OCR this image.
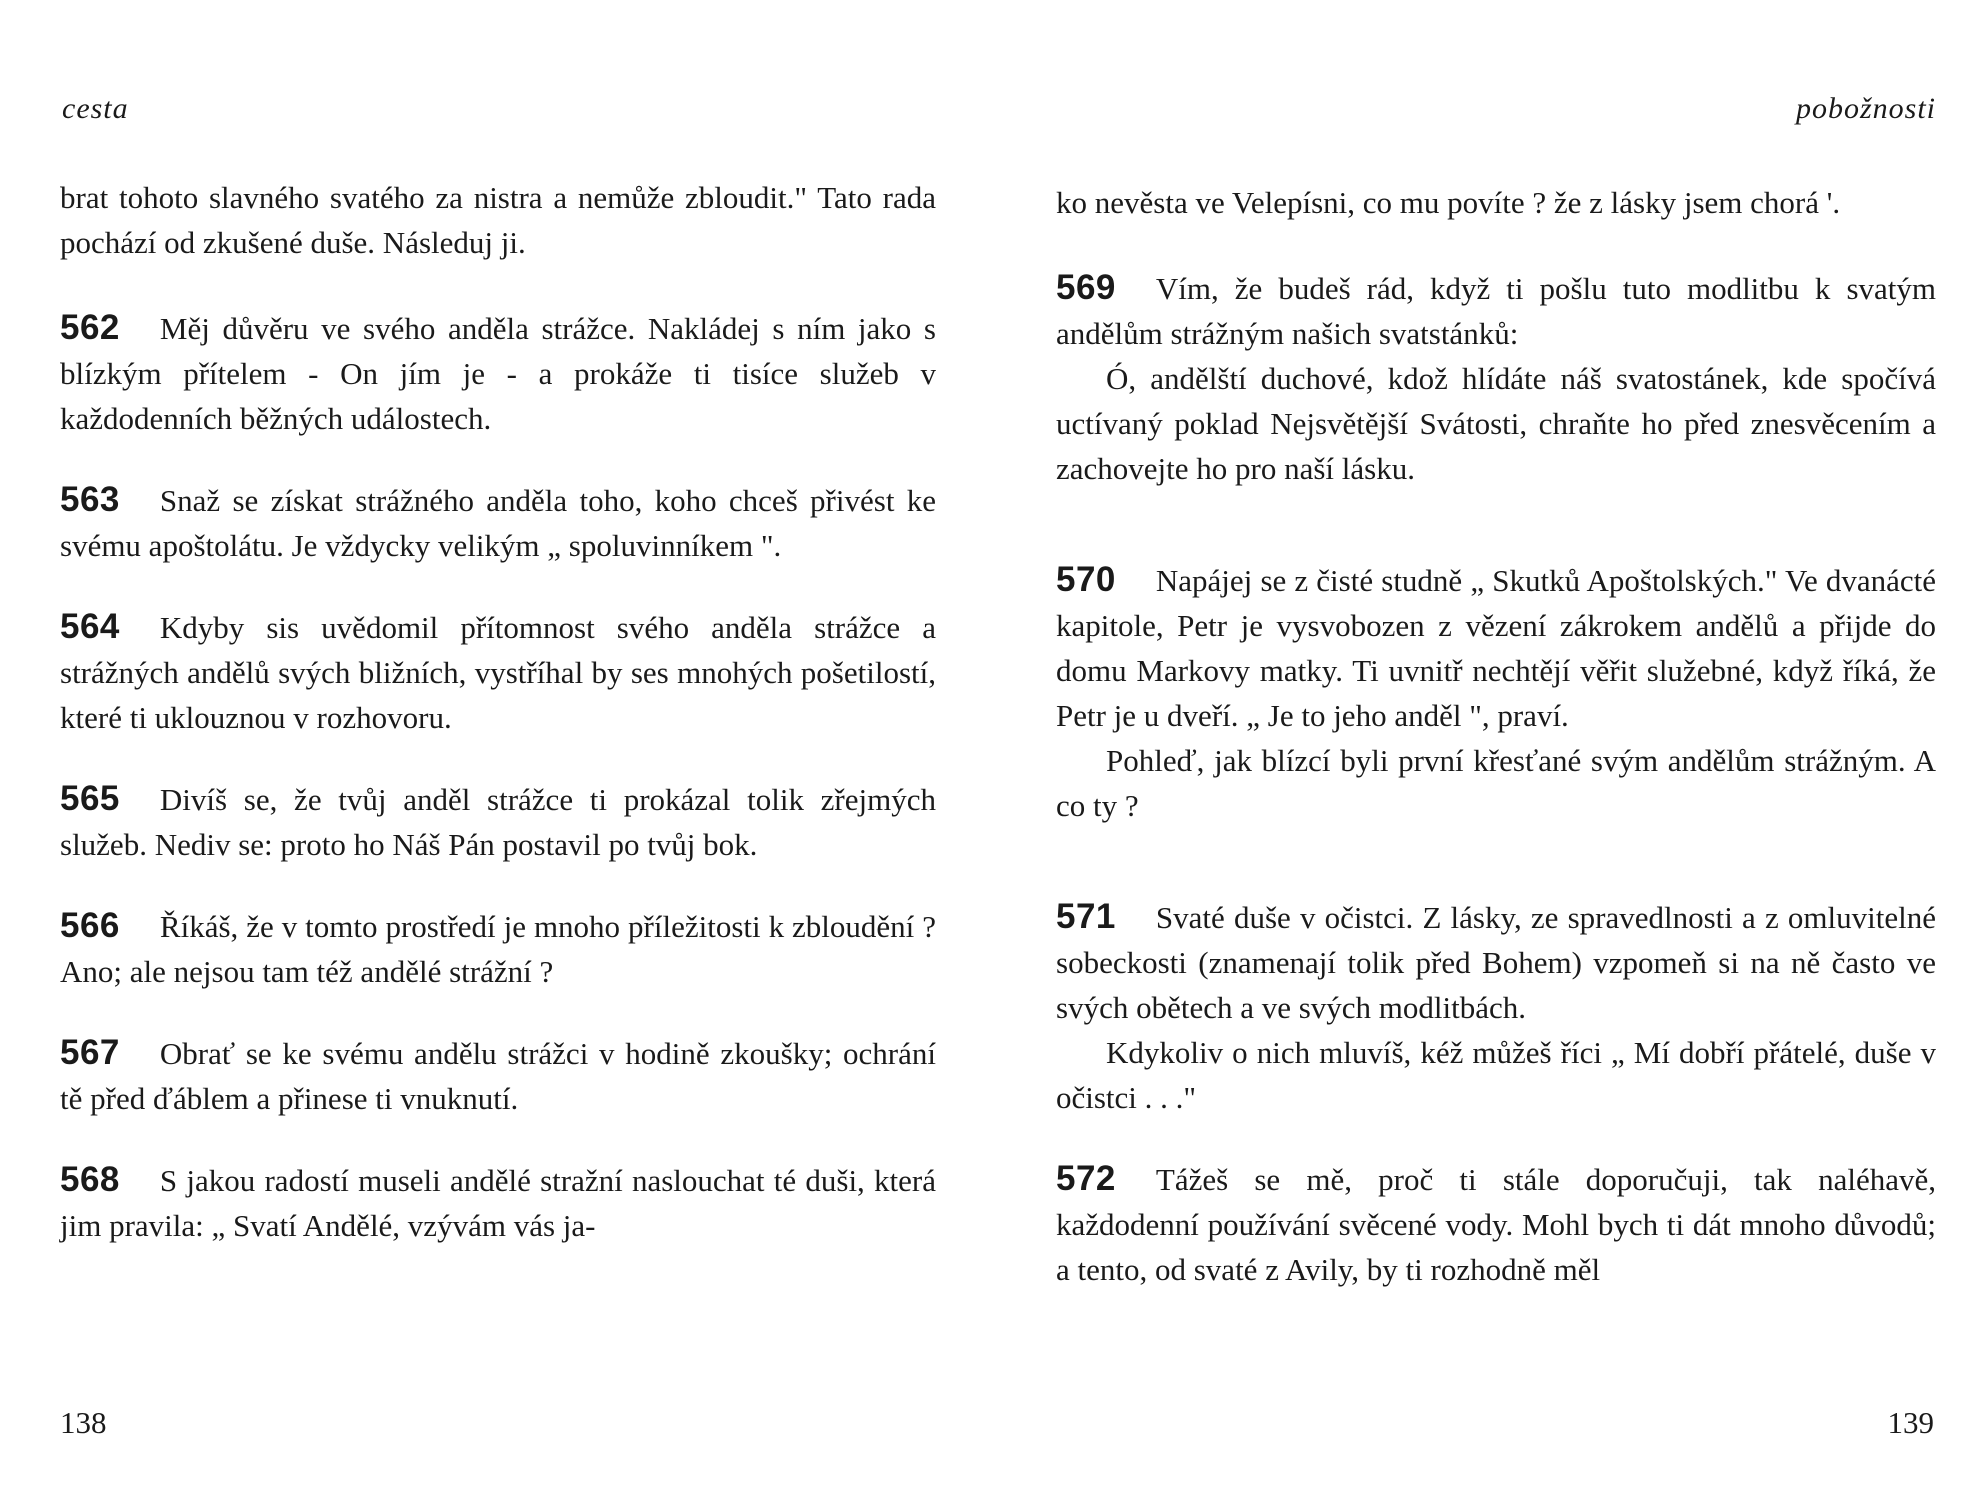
cesta

brat tohoto slavného svatého za nistra a nemůže zbloudit." Tato rada pochází od zkušené duše. Následuj ji.

562 Měj důvěru ve svého anděla strážce. Nakládej s ním jako s blízkým přítelem - On jím je - a prokáže ti tisíce služeb v každodenních běžných událostech.

563 Snaž se získat strážného anděla toho, koho chceš přivést ke svému apoštolátu. Je vždycky velikým „ spoluvinníkem ".

564 Kdyby sis uvědomil přítomnost svého anděla strážce a strážných andělů svých bližních, vystříhal by ses mnohých pošetilostí, které ti uklouznou v rozhovoru.

565 Divíš se, že tvůj anděl strážce ti prokázal tolik zřejmých služeb. Nediv se: proto ho Náš Pán postavil po tvůj bok.

566 Říkáš, že v tomto prostředí je mnoho příležitosti k zbloudění ? Ano; ale nejsou tam též andělé strážní ?

567 Obrať se ke svému andělu strážci v hodině zkoušky; ochrání tě před ďáblem a přinese ti vnuknutí.

568 S jakou radostí museli andělé stražní naslouchat té duši, která jim pravila: „ Svatí Andělé, vzývám vás ja-

138
pobožnosti

ko nevěsta ve Velepísni, co mu povíte ? že z lásky jsem chorá '.

569 Vím, že budeš rád, když ti pošlu tuto modlitbu k svatým andělům strážným našich svatstánků:

Ó, andělští duchové, kdož hlídáte náš svatostánek, kde spočívá uctívaný poklad Nejsvětější Svátosti, chraňte ho před znesvěcením a zachovejte ho pro naší lásku.

570 Napájej se z čisté studně „ Skutků Apoštolských." Ve dvanácté kapitole, Petr je vysvobozen z vězení zákrokem andělů a přijde do domu Markovy matky. Ti uvnitř nechtějí věřit služebné, když říká, že Petr je u dveří. „ Je to jeho anděl ", praví.

Pohleď, jak blízcí byli první křesťané svým andělům strážným. A co ty ?

571 Svaté duše v očistci. Z lásky, ze spravedlnosti a z omluvitelné sobeckosti (znamenají tolik před Bohem) vzpomeň si na ně často ve svých obětech a ve svých modlitbách.

Kdykoliv o nich mluvíš, kéž můžeš říci „ Mí dobří přátelé, duše v očistci . . ."

572 Tážeš se mě, proč ti stále doporučuji, tak naléhavě, každodenní používání svěcené vody. Mohl bych ti dát mnoho důvodů; a tento, od svaté z Avily, by ti rozhodně měl

139
